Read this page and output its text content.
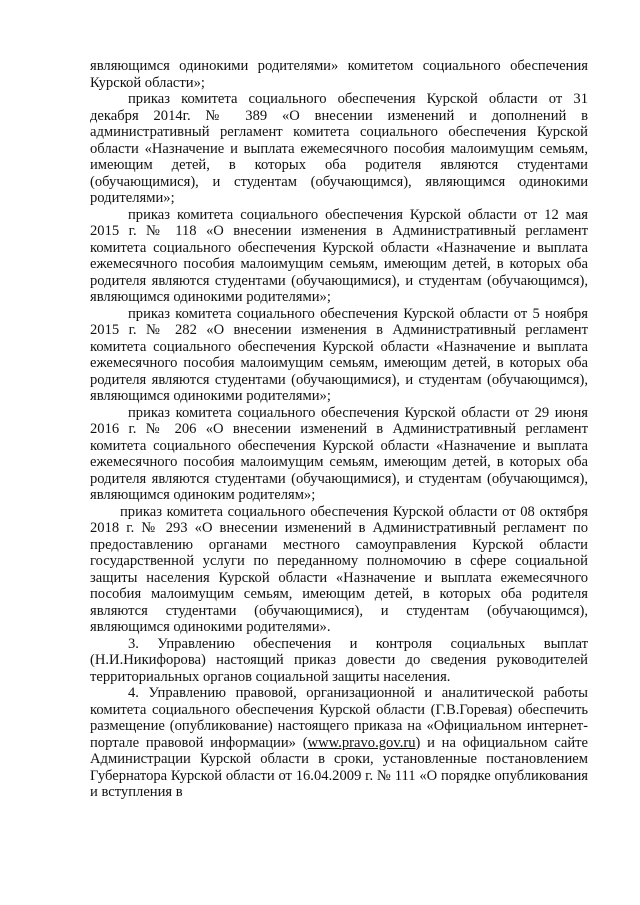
являющимся одинокими родителями» комитетом социального обеспечения Курской области»;

приказ комитета социального обеспечения Курской области от 31 декабря 2014г. № 389 «О внесении изменений и дополнений в административный регламент комитета социального обеспечения Курской области «Назначение и выплата ежемесячного пособия малоимущим семьям, имеющим детей, в которых оба родителя являются студентами (обучающимися), и студентам (обучающимся), являющимся одинокими родителями»;

приказ комитета социального обеспечения Курской области от 12 мая 2015 г. № 118 «О внесении изменения в Административный регламент комитета социального обеспечения Курской области «Назначение и выплата ежемесячного пособия малоимущим семьям, имеющим детей, в которых оба родителя являются студентами (обучающимися), и студентам (обучающимся), являющимся одинокими родителями»;

приказ комитета социального обеспечения Курской области от 5 ноября 2015 г. № 282 «О внесении изменения в Административный регламент комитета социального обеспечения Курской области «Назначение и выплата ежемесячного пособия малоимущим семьям, имеющим детей, в которых оба родителя являются студентами (обучающимися), и студентам (обучающимся), являющимся одинокими родителями»;

приказ комитета социального обеспечения Курской области от 29 июня 2016 г. № 206 «О внесении изменений в Административный регламент комитета социального обеспечения Курской области «Назначение и выплата ежемесячного пособия малоимущим семьям, имеющим детей, в которых оба родителя являются студентами (обучающимися), и студентам (обучающимся), являющимся одиноким родителям»;

приказ комитета социального обеспечения Курской области от 08 октября 2018 г. № 293 «О внесении изменений в Административный регламент по предоставлению органами местного самоуправления Курской области государственной услуги по переданному полномочию в сфере социальной защиты населения Курской области «Назначение и выплата ежемесячного пособия малоимущим семьям, имеющим детей, в которых оба родителя являются студентами (обучающимися), и студентам (обучающимся), являющимся одинокими родителями».

3. Управлению обеспечения и контроля социальных выплат (Н.И.Никифорова) настоящий приказ довести до сведения руководителей территориальных органов социальной защиты населения.

4. Управлению правовой, организационной и аналитической работы комитета социального обеспечения Курской области (Г.В.Горевая) обеспечить размещение (опубликование) настоящего приказа на «Официальном интернет-портале правовой информации» (www.pravo.gov.ru) и на официальном сайте Администрации Курской области в сроки, установленные постановлением Губернатора Курской области от 16.04.2009 г. № 111 «О порядке опубликования и вступления в
